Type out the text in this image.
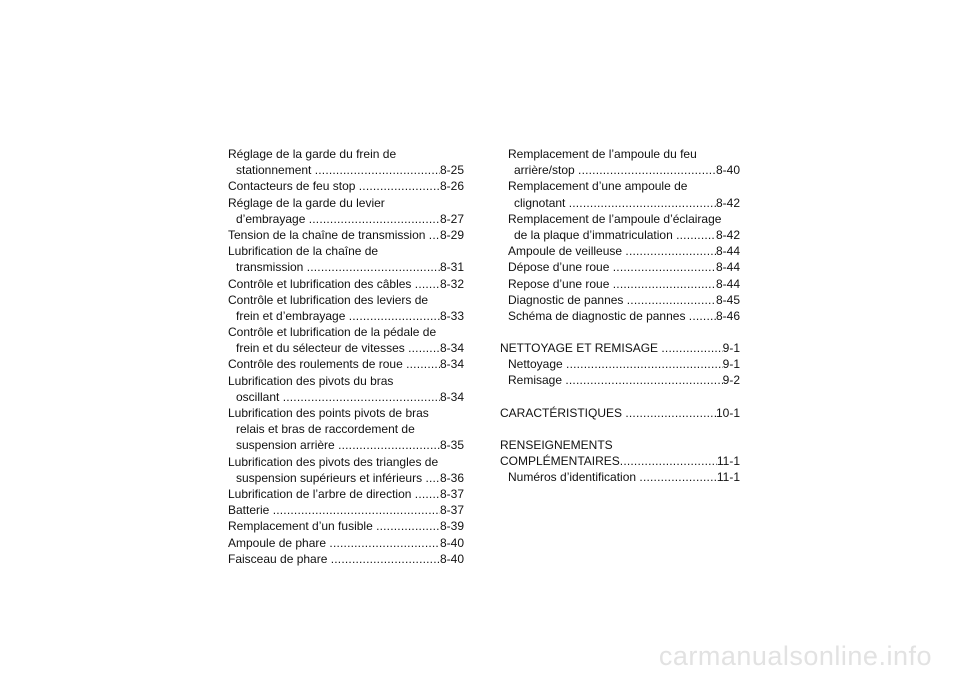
Réglage de la garde du frein de
stationnement .....	8-25
Contacteurs de feu stop .....	8-26
Réglage de la garde du levier
d’embrayage .....	8-27
Tension de la chaîne de transmission ..... 8-29
Lubrification de la chaîne de
transmission .....	8-31
Contrôle et lubrification des câbles ..... 8-32
Contrôle et lubrification des leviers de
frein et d’embrayage .....	8-33
Contrôle et lubrification de la pédale de
frein et du sélecteur de vitesses .....	8-34
Contrôle des roulements de roue .....	8-34
Lubrification des pivots du bras
oscillant .....	8-34
Lubrification des points pivots de bras
relais et bras de raccordement de
suspension arrière .....	8-35
Lubrification des pivots des triangles de
suspension supérieurs et inférieurs ..... 8-36
Lubrification de l’arbre de direction ..... 8-37
Batterie .....	8-37
Remplacement d’un fusible .....	8-39
Ampoule de phare .....	8-40
Faisceau de phare .....	8-40
Remplacement de l’ampoule du feu
arrière/stop .....	8-40
Remplacement d’une ampoule de
clignotant .....	8-42
Remplacement de l’ampoule d’éclairage
de la plaque d’immatriculation .....	8-42
Ampoule de veilleuse .....	8-44
Dépose d’une roue .....	8-44
Repose d’une roue .....	8-44
Diagnostic de pannes .....	8-45
Schéma de diagnostic de pannes ..... 8-46
NETTOYAGE ET REMISAGE .....	9-1
Nettoyage .....	9-1
Remisage .....	9-2
CARACTÉRISTIQUES .....	10-1
RENSEIGNEMENTS
COMPLÉMENTAIRES .....	11-1
Numéros d’identification .....	11-1
carmanualsonline.info
